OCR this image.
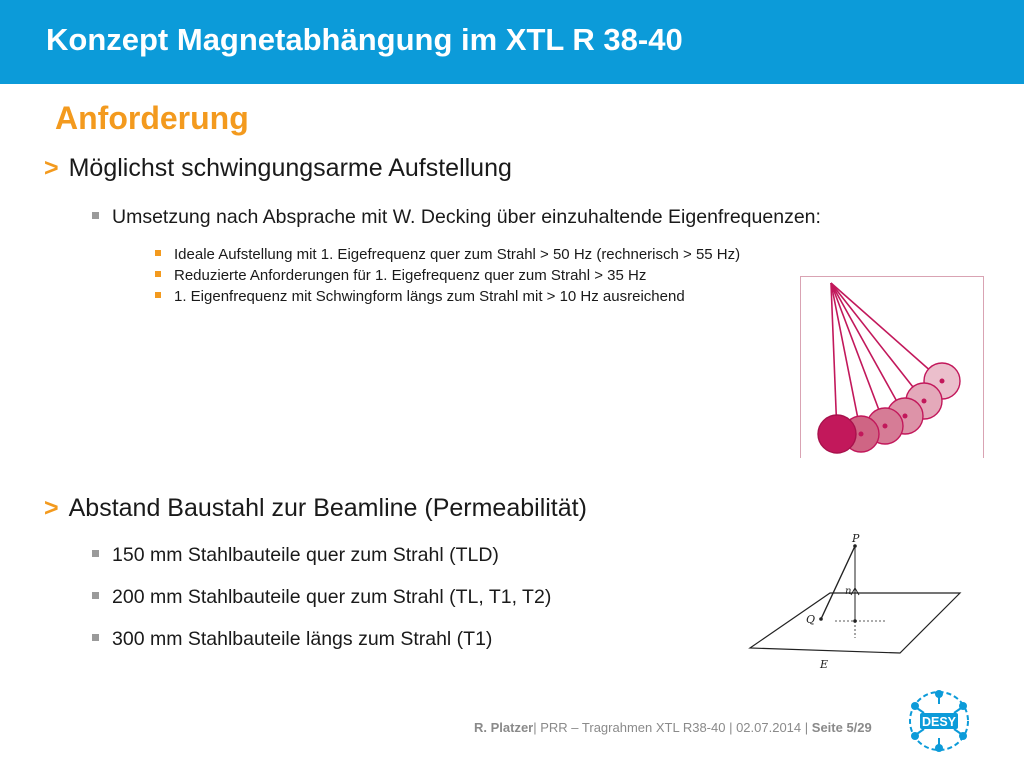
Konzept Magnetabhängung im XTL R 38-40
Anforderung
> Möglichst schwingungsarme Aufstellung
Umsetzung nach Absprache mit W. Decking über einzuhaltende Eigenfrequenzen:
Ideale Aufstellung mit 1. Eigefrequenz quer zum Strahl > 50 Hz (rechnerisch > 55 Hz)
Reduzierte Anforderungen für 1. Eigefrequenz quer zum Strahl > 35 Hz
1. Eigenfrequenz mit Schwingform längs zum Strahl mit > 10 Hz ausreichend
> Abstand Baustahl zur Beamline (Permeabilität)
150 mm Stahlbauteile quer zum Strahl (TLD)
200 mm Stahlbauteile quer zum Strahl (TL, T1, T2)
300 mm Stahlbauteile längs zum Strahl (T1)
P
n
Q
E
R. Platzer| PRR – Tragrahmen XTL R38-40 | 02.07.2014 | Seite 5/29	DESY
